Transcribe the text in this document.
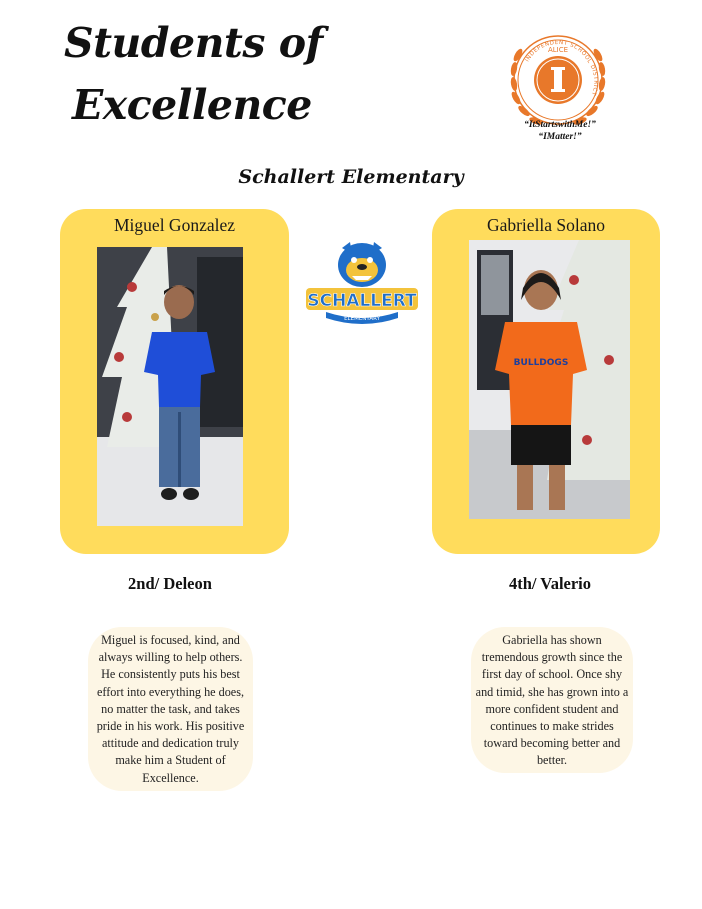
Students of
Excellence
ALICE
INDEPENDENT SCHOOL DISTRICT
“ItStartswithMe!”
“IMatter!”
Schallert Elementary
Miguel Gonzalez
SCHALLERT
ELEMENTARY
Gabriella Solano
BULLDOGS
2nd/ Deleon	4th/ Valerio
Miguel is focused, kind, and always willing to help others. He consistently puts his best effort into everything he does, no matter the task, and takes pride in his work. His positive attitude and dedication truly make him a Student of Excellence.
Gabriella has shown tremendous growth since the first day of school. Once shy and timid, she has grown into a more confident student and continues to make strides toward becoming better and better.
